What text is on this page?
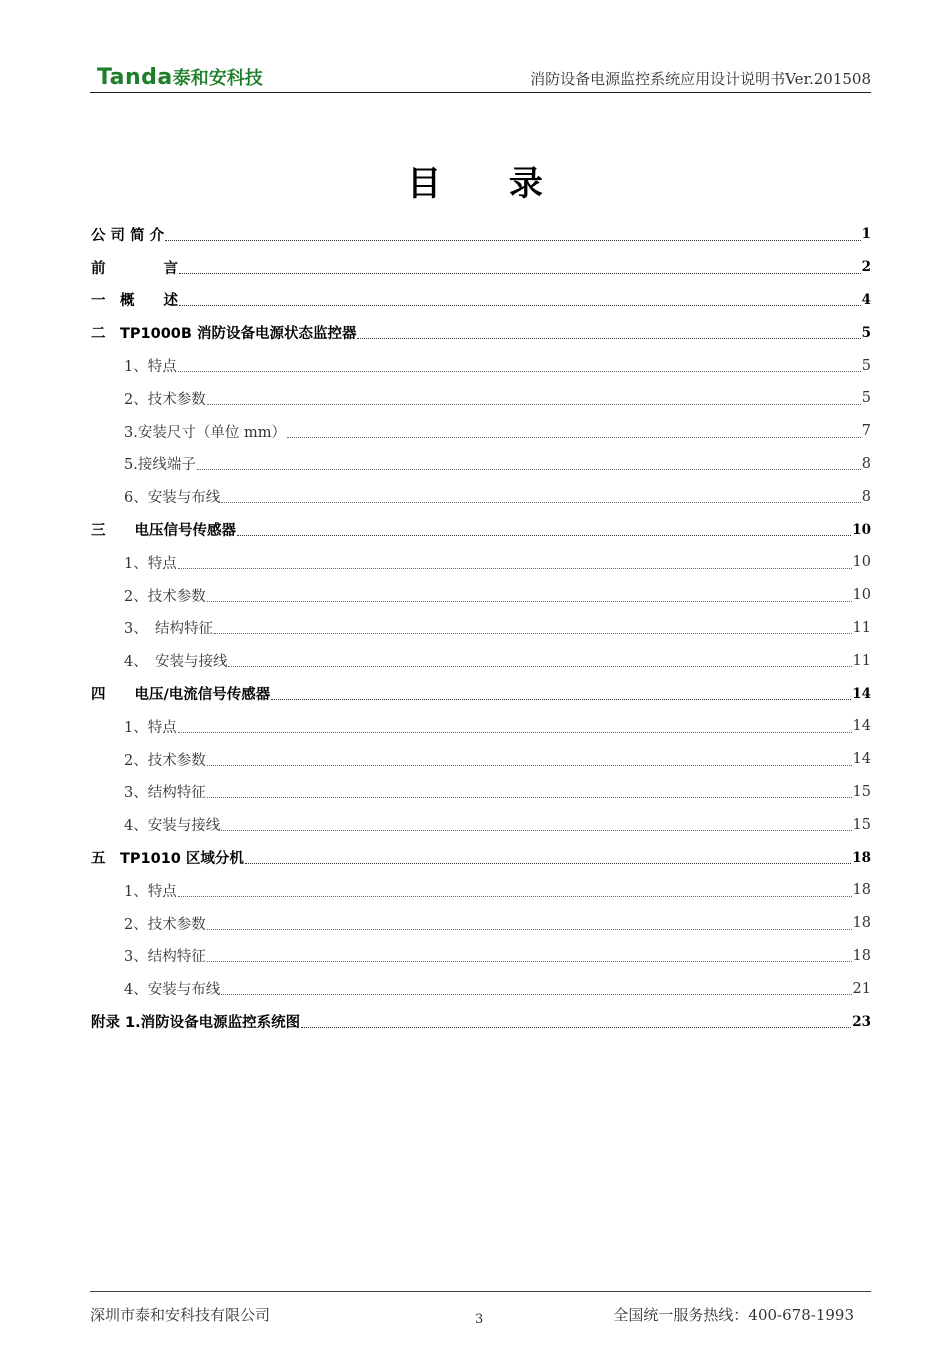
Tanda泰和安科技	消防设备电源监控系统应用设计说明书Ver.201508
目 录
公 司 简 介	1
前　　　　言	2
一　概　　述	4
二　TP1000B 消防设备电源状态监控器	5
1、特点	5
2、技术参数	5
3.安装尺寸（单位 mm）	7
5.接线端子	8
6、安装与布线	8
三　　电压信号传感器	10
1、特点	10
2、技术参数	10
3、　结构特征	11
4、　安装与接线	11
四　　电压/电流信号传感器	14
1、特点	14
2、技术参数	14
3、结构特征	15
4、安装与接线	15
五　TP1010 区域分机	18
1、特点	18
2、技术参数	18
3、结构特征	18
4、安装与布线	21
附录 1.消防设备电源监控系统图	23
深圳市泰和安科技有限公司	3	全国统一服务热线：400-678-1993
